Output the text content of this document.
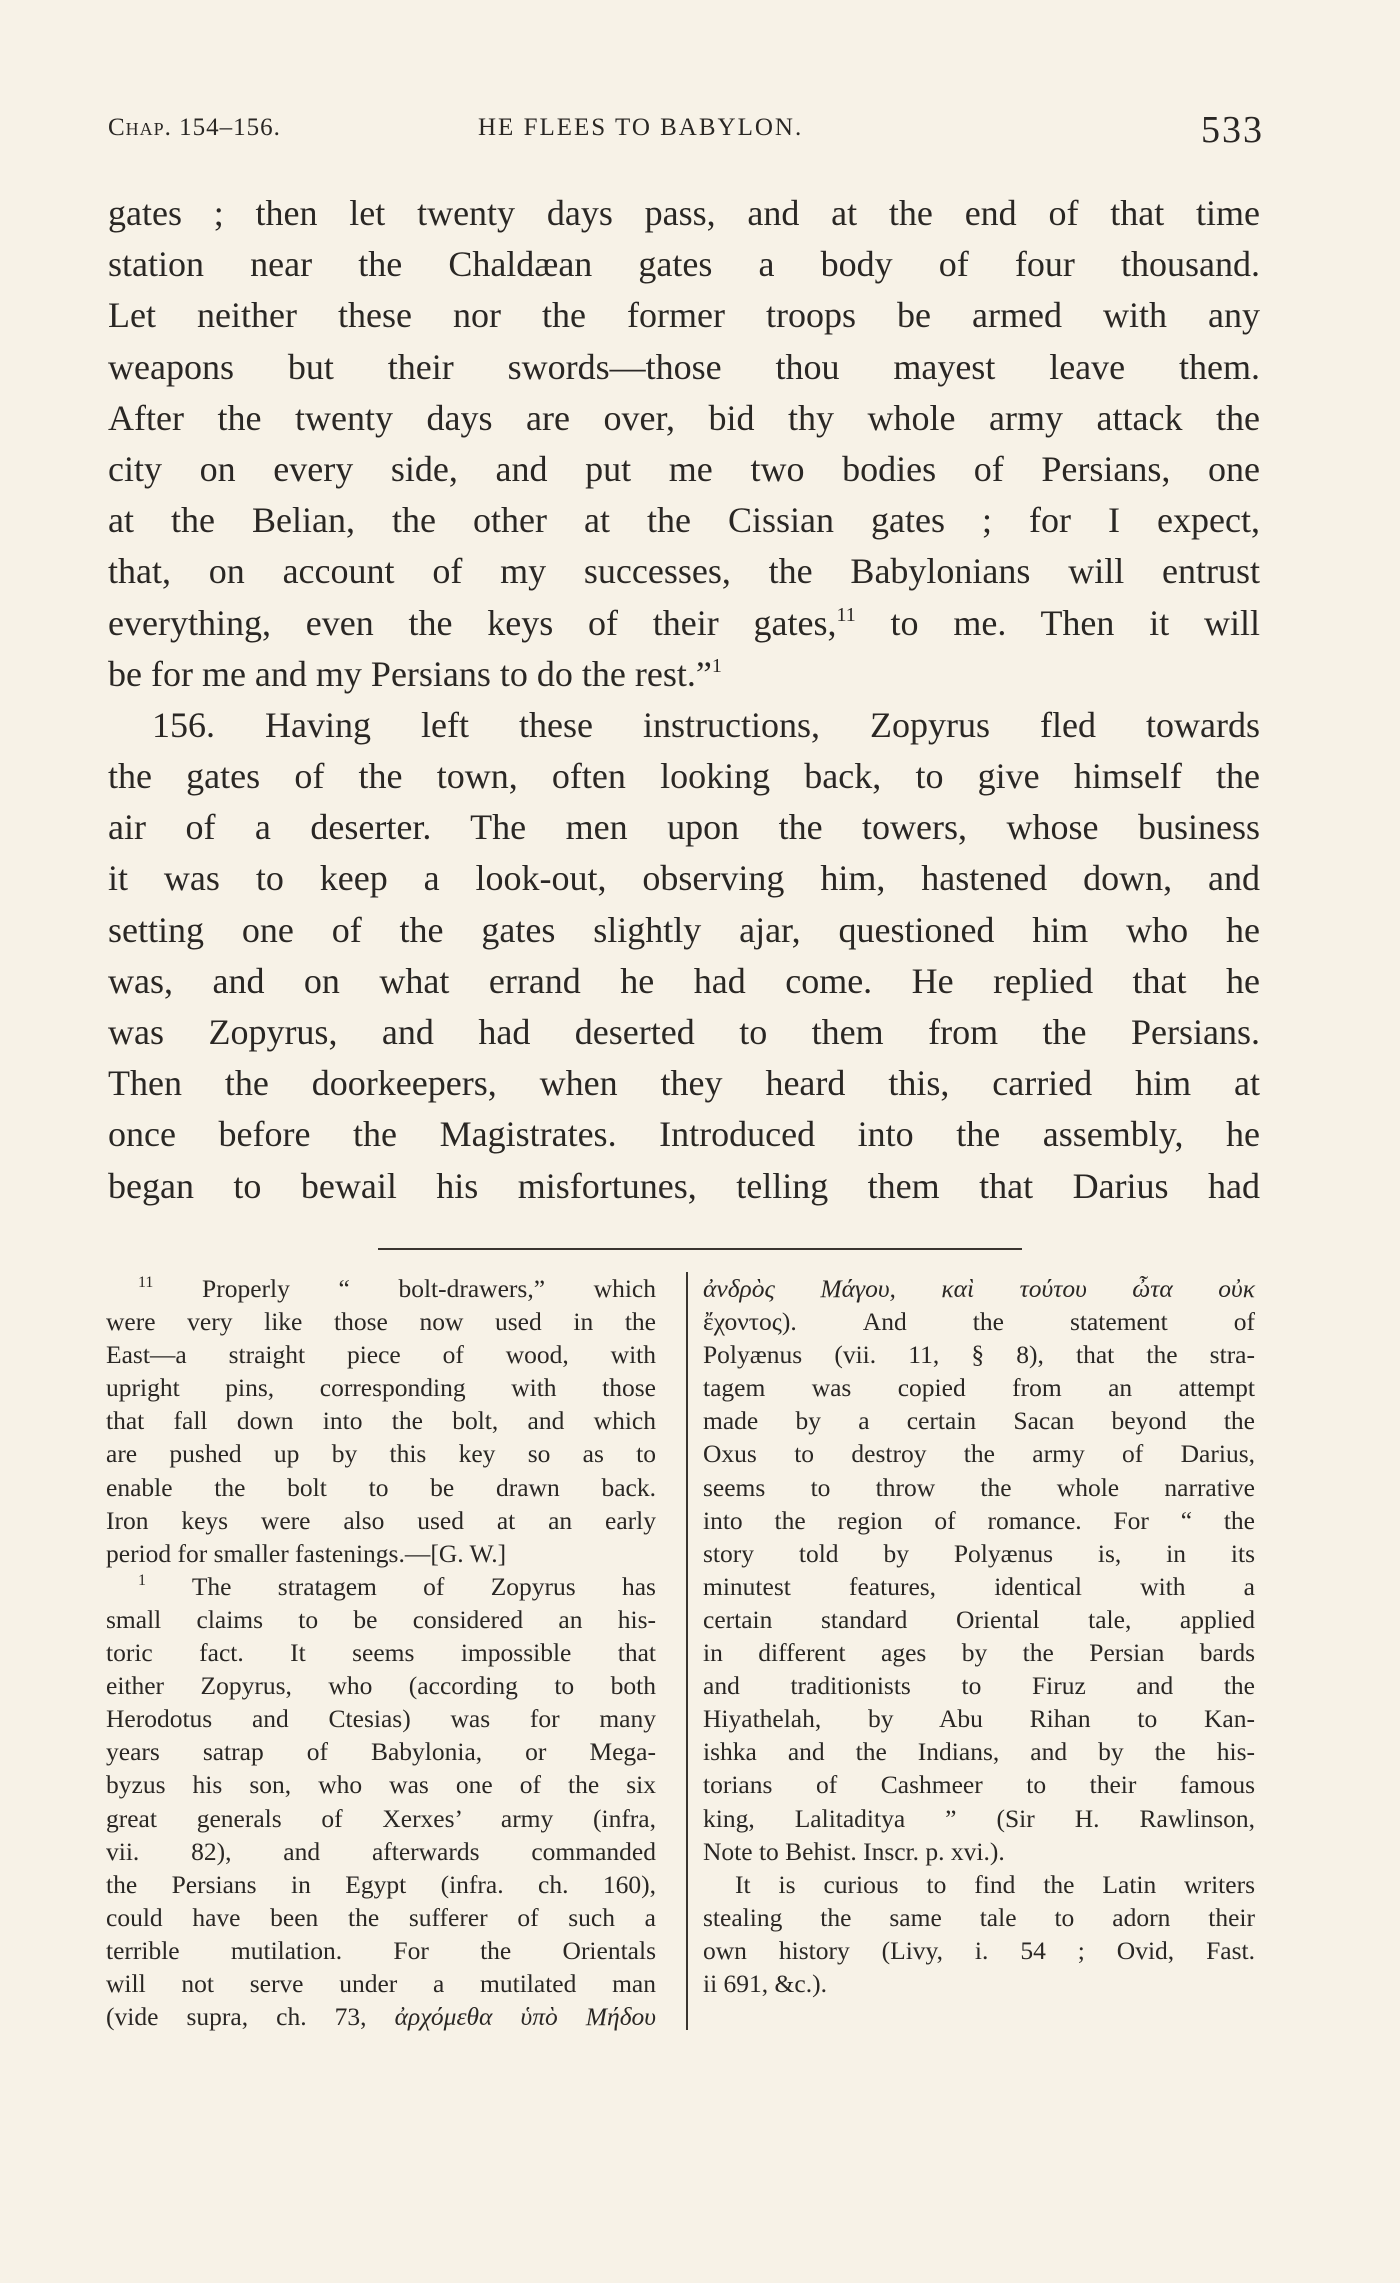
Chap. 154–156.	HE FLEES TO BABYLON.	533
gates ; then let twenty days pass, and at the end of that time
station near the Chaldæan gates a body of four thousand.
Let neither these nor the former troops be armed with any
weapons but their swords—those thou mayest leave them.
After the twenty days are over, bid thy whole army attack the
city on every side, and put me two bodies of Persians, one
at the Belian, the other at the Cissian gates ; for I expect,
that, on account of my successes, the Babylonians will entrust
everything, even the keys of their gates,$^{11}$ to me. Then it will
be for me and my Persians to do the rest.”$^1$
156. Having left these instructions, Zopyrus fled towards
the gates of the town, often looking back, to give himself the
air of a deserter. The men upon the towers, whose business
it was to keep a look-out, observing him, hastened down, and
setting one of the gates slightly ajar, questioned him who he
was, and on what errand he had come. He replied that he
was Zopyrus, and had deserted to them from the Persians.
Then the doorkeepers, when they heard this, carried him at
once before the Magistrates. Introduced into the assembly, he
began to bewail his misfortunes, telling them that Darius had
$^{11}$ Properly “ bolt-drawers,” which
were very like those now used in the
East—a straight piece of wood, with
upright pins, corresponding with those
that fall down into the bolt, and which
are pushed up by this key so as to
enable the bolt to be drawn back.
Iron keys were also used at an early
period for smaller fastenings.—[G. W.]
$^1$ The stratagem of Zopyrus has
small claims to be considered an his-
toric fact. It seems impossible that
either Zopyrus, who (according to both
Herodotus and Ctesias) was for many
years satrap of Babylonia, or Mega-
byzus his son, who was one of the six
great generals of Xerxes’ army (infra,
vii. 82), and afterwards commanded
the Persians in Egypt (infra. ch. 160),
could have been the sufferer of such a
terrible mutilation. For the Orientals
will not serve under a mutilated man
(vide supra, ch. 73, ἀρχόμεθα ὑπὸ Μήδου
ἀνδρὸς Μάγου, καὶ τούτου ὦτα οὐκ
ἔχοντος). And the statement of
Polyænus (vii. 11, § 8), that the stra-
tagem was copied from an attempt
made by a certain Sacan beyond the
Oxus to destroy the army of Darius,
seems to throw the whole narrative
into the region of romance. For “ the
story told by Polyænus is, in its
minutest features, identical with a
certain standard Oriental tale, applied
in different ages by the Persian bards
and traditionists to Firuz and the
Hiyathelah, by Abu Rihan to Kan-
ishka and the Indians, and by the his-
torians of Cashmeer to their famous
king, Lalitaditya ” (Sir H. Rawlinson,
Note to Behist. Inscr. p. xvi.).
It is curious to find the Latin writers
stealing the same tale to adorn their
own history (Livy, i. 54 ; Ovid, Fast.
ii 691, &c.).
